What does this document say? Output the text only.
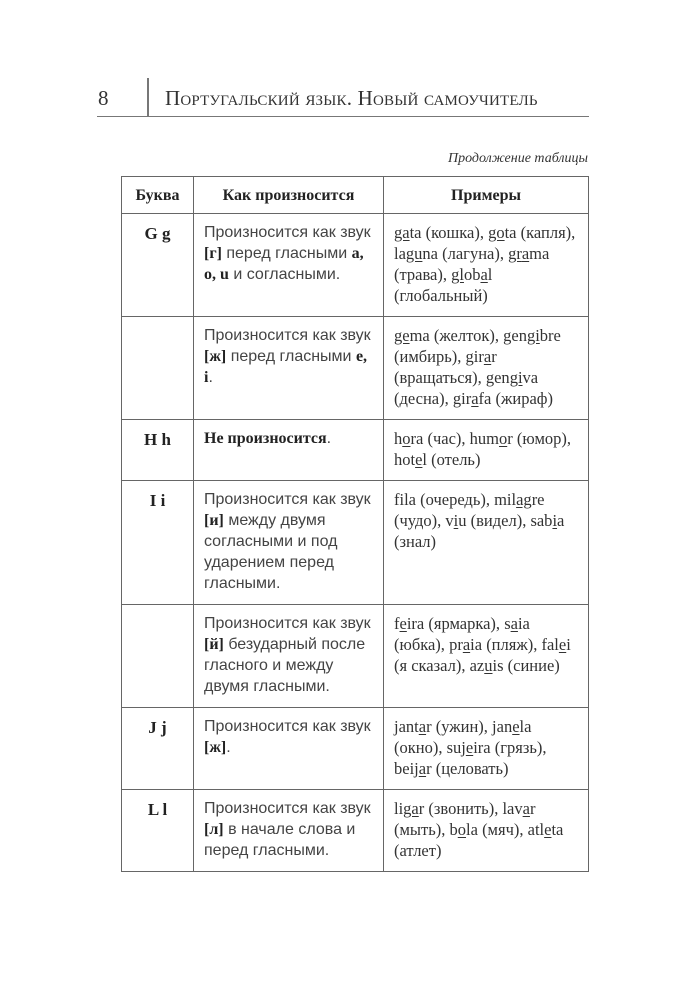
8	Португальский язык. Новый самоучитель
Продолжение таблицы
Буква	Как произносится	Примеры
G g	Произносится как звук [г] перед гласными a, o, u и согласными.	gata (кошка), gota (капля), laguna (лагуна), grama (трава), global (глобальный)
	Произносится как звук [ж] перед гласными e, i.	gema (желток), gengibre (имбирь), girar (вращаться), gengiva (десна), girafa (жираф)
H h	Не произносится.	hora (час), humor (юмор), hotel (отель)
I i	Произносится как звук [и] между двумя согласными и под ударением перед гласными.	fila (очередь), milagre (чудо), viu (видел), sabia (знал)
	Произносится как звук [й] безударный после гласного и между двумя гласными.	feira (ярмарка), saia (юбка), praia (пляж), falei (я сказал), azuis (синие)
J j	Произносится как звук [ж].	jantar (ужин), janela (окно), sujeira (грязь), beijar (целовать)
L l	Произносится как звук [л] в начале слова и перед гласными.	ligar (звонить), lavar (мыть), bola (мяч), atleta (атлет)
